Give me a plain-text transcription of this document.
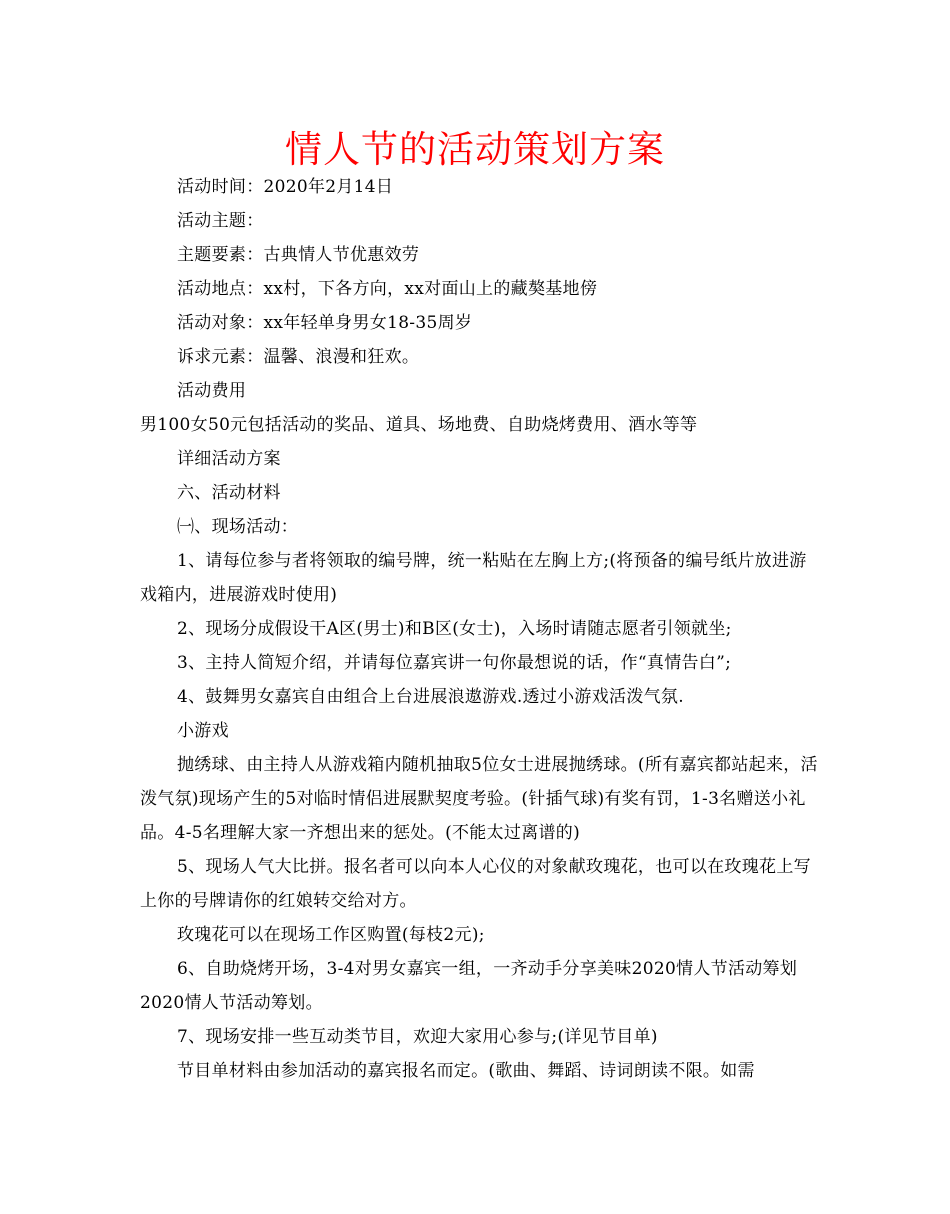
情人节的活动策划方案

活动时间：2020年2月14日

活动主题：

主题要素：古典情人节优惠效劳

活动地点：xx村，下各方向，xx对面山上的藏獒基地傍

活动对象：xx年轻单身男女18-35周岁

诉求元素：温馨、浪漫和狂欢。

活动费用

男100女50元包括活动的奖品、道具、场地费、自助烧烤费用、酒水等等

详细活动方案

六、活动材料

㈠、现场活动：

1、请每位参与者将领取的编号牌，统一粘贴在左胸上方;(将预备的编号纸片放进游戏箱内，进展游戏时使用)

2、现场分成假设干A区(男士)和B区(女士)，入场时请随志愿者引领就坐;

3、主持人简短介绍，并请每位嘉宾讲一句你最想说的话，作“真情告白”;

4、鼓舞男女嘉宾自由组合上台进展浪遨游戏.透过小游戏活泼气氛.

小游戏

抛绣球、由主持人从游戏箱内随机抽取5位女士进展抛绣球。(所有嘉宾都站起来，活泼气氛)现场产生的5对临时情侣进展默契度考验。(针插气球)有奖有罚，1-3名赠送小礼品。4-5名理解大家一齐想出来的惩处。(不能太过离谱的)

5、现场人气大比拼。报名者可以向本人心仪的对象献玫瑰花，也可以在玫瑰花上写上你的号牌请你的红娘转交给对方。

玫瑰花可以在现场工作区购置(每枝2元);

6、自助烧烤开场，3-4对男女嘉宾一组，一齐动手分享美味2020情人节活动筹划2020情人节活动筹划。

7、现场安排一些互动类节目，欢迎大家用心参与;(详见节目单)

节目单材料由参加活动的嘉宾报名而定。(歌曲、舞蹈、诗词朗读不限。如需
